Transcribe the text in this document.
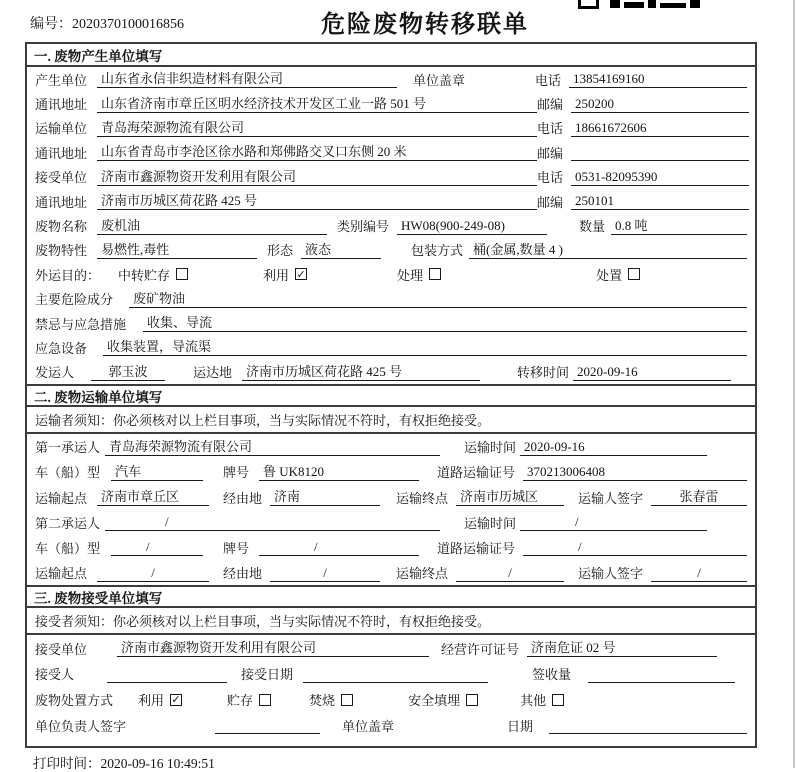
编号：2020370100016856	危险废物转移联单
一. 废物产生单位填写
产生单位	山东省永信非织造材料有限公司	单位盖章	电话 13854169160
通讯地址	山东省济南市章丘区明水经济技术开发区工业一路 501 号	邮编 250200
运输单位	青岛海荣源物流有限公司	电话 18661672606
通讯地址	山东省青岛市李沧区徐水路和郑佛路交叉口东侧 20 米	邮编
接受单位	济南市鑫源物资开发利用有限公司	电话 0531-82095390
通讯地址	济南市历城区荷花路 425 号	邮编 250101
废物名称	废机油	类别编号 HW08(900-249-08)	数量 0.8 吨
废物特性	易燃性,毒性	形态 液态	包装方式 桶(金属,数量 4 )
外运目的： 中转贮存	利用 ✓	处理	处置
主要危险成分	废矿物油
禁忌与应急措施	收集、导流
应急设备	收集装置，导流渠
发运人	郭玉波	运达地	济南市历城区荷花路 425 号	转移时间 2020-09-16
二. 废物运输单位填写
运输者须知：你必须核对以上栏目事项，当与实际情况不符时，有权拒绝接受。
第一承运人 青岛海荣源物流有限公司	运输时间 2020-09-16
车（船）型	汽车	牌号	鲁 UK8120	道路运输证号 370213006408
运输起点	济南市章丘区	经由地 济南	运输终点 济南市历城区	运输人签字	张春雷
第二承运人	/	运输时间	/
车（船）型	/	牌号	/	道路运输证号	/
运输起点	/	经由地	/	运输终点	/	运输人签字	/
三. 废物接受单位填写
接受者须知：你必须核对以上栏目事项，当与实际情况不符时，有权拒绝接受。
接受单位	济南市鑫源物资开发利用有限公司	经营许可证号 济南危证 02 号
接受人	接受日期	签收量
废物处置方式 利用 ✓	贮存	焚烧	安全填埋	其他
单位负责人签字	单位盖章	日期
打印时间：2020-09-16 10:49:51
